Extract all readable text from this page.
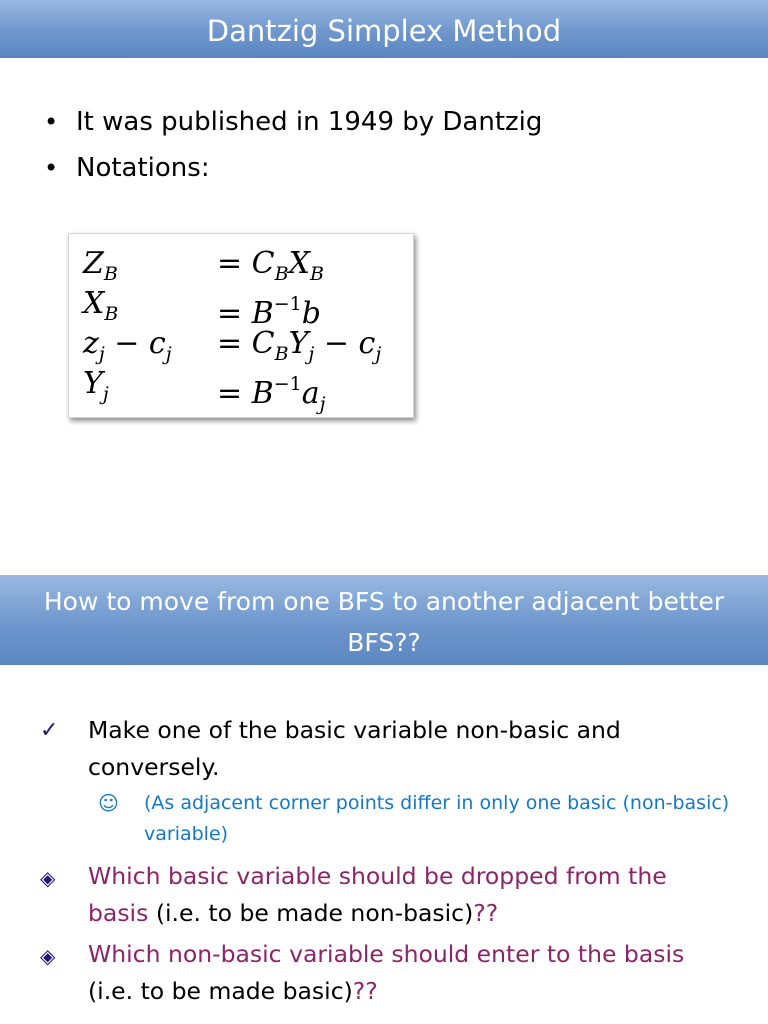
Dantzig Simplex Method
• It was published in 1949 by Dantzig
• Notations:
$Z_B$	= $C_BX_B$
$X_B$	= $B^{-1}b$
$z_j - c_j = C_BY_j - c_j$
$Y_j$	= $B^{-1}a_j$
How to move from one BFS to another adjacent better BFS??
✓ Make one of the basic variable non-basic and conversely.
☺ (As adjacent corner points differ in only one basic (non-basic) variable)
◈ Which basic variable should be dropped from the
basis (i.e. to be made non-basic)??
◈ Which non-basic variable should enter to the basis
(i.e. to be made basic)??
